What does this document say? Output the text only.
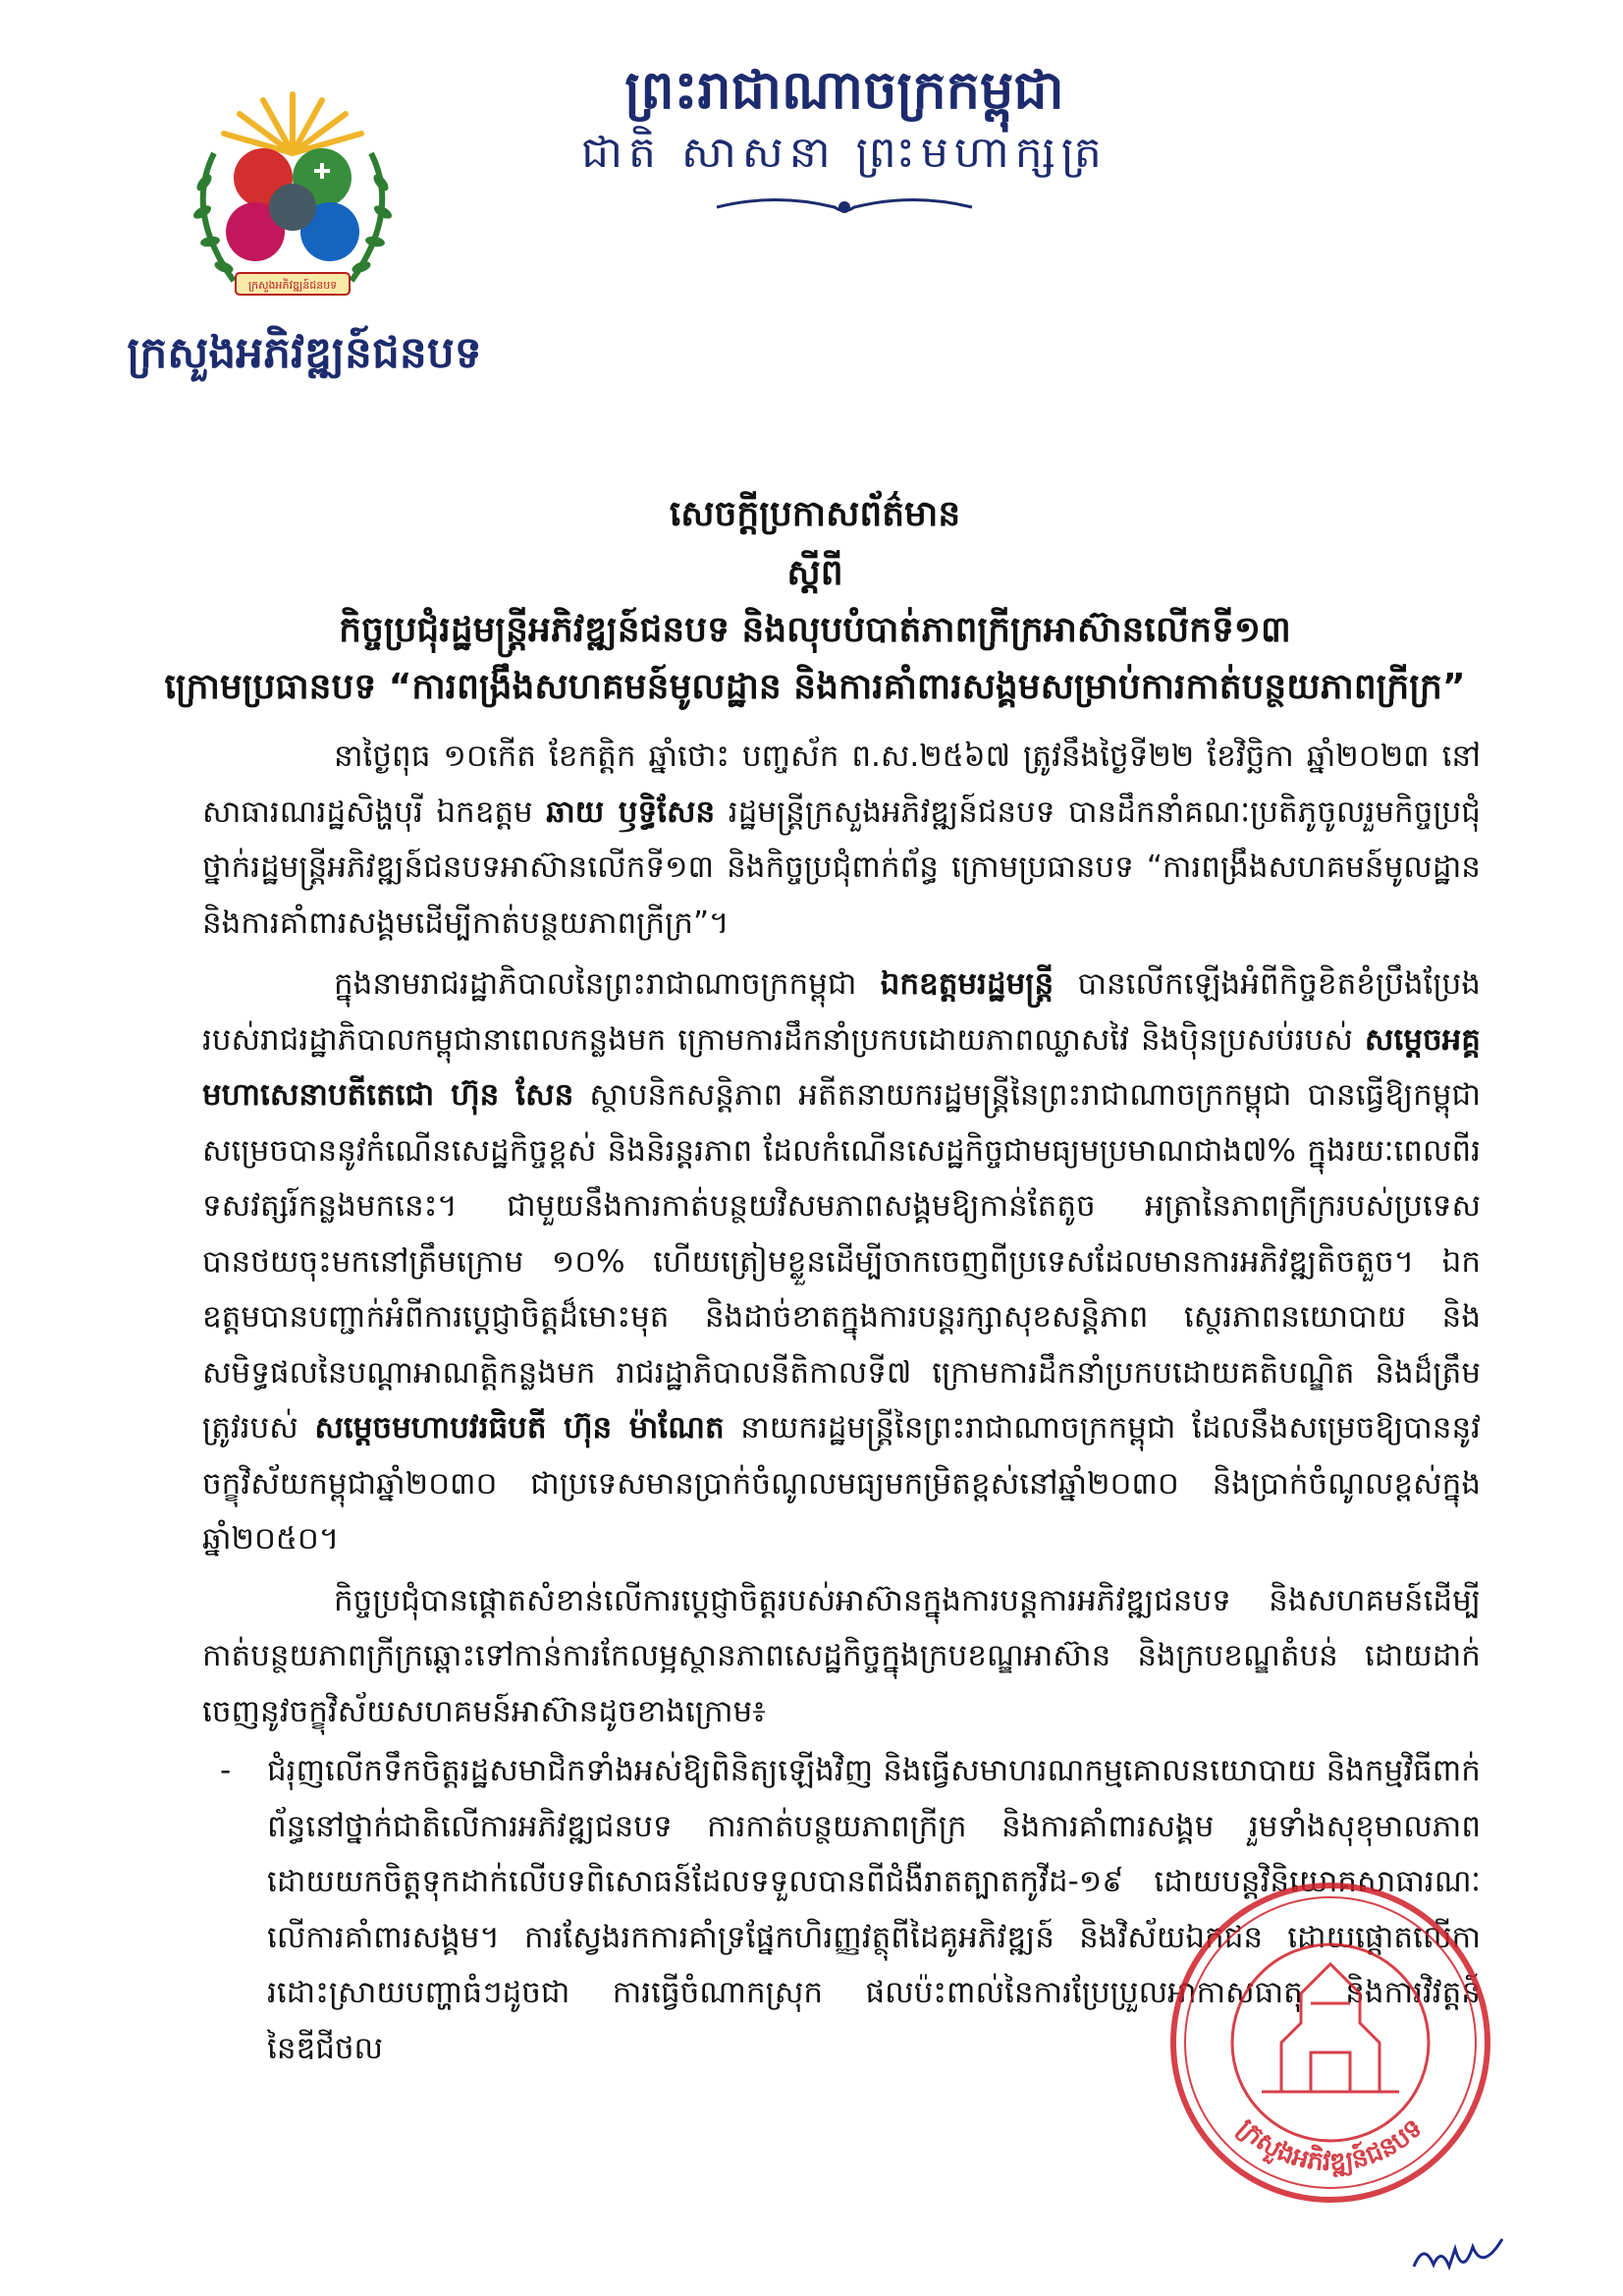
ក្រសួងអភិវឌ្ឍន៍ជនបទ
ក្រសួងអភិវឌ្ឍន៍ជនបទ
ព្រះរាជាណាចក្រកម្ពុជា
ជាតិ សាសនា ព្រះមហាក្សត្រ
សេចក្តីប្រកាសព័ត៌មាន
ស្តីពី
កិច្ចប្រជុំរដ្ឋមន្ត្រីអភិវឌ្ឍន៍ជនបទ និងលុបបំបាត់ភាពក្រីក្រអាស៊ានលើកទី១៣
ក្រោមប្រធានបទ “ការពង្រឹងសហគមន៍មូលដ្ឋាន និងការគាំពារសង្គមសម្រាប់ការកាត់បន្ថយភាពក្រីក្រ”

នាថ្ងៃពុធ ១០កើត ខែកត្តិក ឆ្នាំថោះ បញ្ចស័ក ព.ស.២៥៦៧ ត្រូវនឹងថ្ងៃទី២២ ខែវិច្ឆិកា ឆ្នាំ២០២៣ នៅសាធារណរដ្ឋសិង្ហបុរី ឯកឧត្តម ឆាយ ឫទ្ធិសែន រដ្ឋមន្ត្រីក្រសួងអភិវឌ្ឍន៍ជនបទ បានដឹកនាំគណៈប្រតិភូចូលរួមកិច្ចប្រជុំថ្នាក់រដ្ឋមន្ត្រីអភិវឌ្ឍន៍ជនបទអាស៊ានលើកទី១៣ និងកិច្ចប្រជុំពាក់ព័ន្ធ ក្រោមប្រធានបទ “ការពង្រឹងសហគមន៍មូលដ្ឋាន និងការគាំពារសង្គមដើម្បីកាត់បន្ថយភាពក្រីក្រ”។

ក្នុងនាមរាជរដ្ឋាភិបាលនៃព្រះរាជាណាចក្រកម្ពុជា ឯកឧត្តមរដ្ឋមន្ត្រី បានលើកឡើងអំពីកិច្ចខិតខំប្រឹងប្រែងរបស់រាជរដ្ឋាភិបាលកម្ពុជានាពេលកន្លងមក ក្រោមការដឹកនាំប្រកបដោយភាពឈ្លាសវៃ និងប៉ិនប្រសប់របស់ សម្តេចអគ្គមហាសេនាបតីតេជោ ហ៊ុន សែន ស្ថាបនិកសន្តិភាព អតីតនាយករដ្ឋមន្ត្រីនៃព្រះរាជាណាចក្រកម្ពុជា បានធ្វើឱ្យកម្ពុជាសម្រេចបាននូវកំណើនសេដ្ឋកិច្ចខ្ពស់ និងនិរន្តរភាព ដែលកំណើនសេដ្ឋកិច្ចជាមធ្យមប្រមាណជាង៧% ក្នុងរយៈពេលពីរទសវត្សរ៍កន្លងមកនេះ។ ជាមួយនឹងការកាត់បន្ថយវិសមភាពសង្គមឱ្យកាន់តែតូច អត្រានៃភាពក្រីក្ររបស់ប្រទេសបានថយចុះមកនៅត្រឹមក្រោម ១០% ហើយត្រៀមខ្លួនដើម្បីចាកចេញពីប្រទេសដែលមានការអភិវឌ្ឍតិចតួច។ ឯកឧត្តមបានបញ្ជាក់អំពីការប្តេជ្ញាចិត្តដ៏មោះមុត និងដាច់ខាតក្នុងការបន្តរក្សាសុខសន្តិភាព ស្ថេរភាពនយោបាយ និងសមិទ្ធផលនៃបណ្តាអាណត្តិកន្លងមក រាជរដ្ឋាភិបាលនីតិកាលទី៧ ក្រោមការដឹកនាំប្រកបដោយគតិបណ្ឌិត និងដ៏ត្រឹមត្រូវរបស់ សម្តេចមហាបវរធិបតី ហ៊ុន ម៉ាណែត នាយករដ្ឋមន្ត្រីនៃព្រះរាជាណាចក្រកម្ពុជា ដែលនឹងសម្រេចឱ្យបាននូវចក្ខុវិស័យកម្ពុជាឆ្នាំ២០៣០ ជាប្រទេសមានប្រាក់ចំណូលមធ្យមកម្រិតខ្ពស់នៅឆ្នាំ២០៣០ និងប្រាក់ចំណូលខ្ពស់ក្នុងឆ្នាំ២០៥០។

កិច្ចប្រជុំបានផ្តោតសំខាន់លើការប្តេជ្ញាចិត្តរបស់អាស៊ានក្នុងការបន្តការអភិវឌ្ឍជនបទ និងសហគមន៍ដើម្បីកាត់បន្ថយភាពក្រីក្រឆ្ពោះទៅកាន់ការកែលម្អស្ថានភាពសេដ្ឋកិច្ចក្នុងក្របខណ្ឌអាស៊ាន និងក្របខណ្ឌតំបន់ ដោយដាក់ចេញនូវចក្ខុវិស័យសហគមន៍អាស៊ានដូចខាងក្រោម៖

- ជំរុញលើកទឹកចិត្តរដ្ឋសមាជិកទាំងអស់ឱ្យពិនិត្យឡើងវិញ និងធ្វើសមាហរណកម្មគោលនយោបាយ និងកម្មវិធីពាក់ព័ន្ធនៅថ្នាក់ជាតិលើការអភិវឌ្ឍជនបទ ការកាត់បន្ថយភាពក្រីក្រ និងការគាំពារសង្គម រួមទាំងសុខុមាលភាព ដោយយកចិត្តទុកដាក់លើបទពិសោធន៍ដែលទទួលបានពីជំងឺរាតត្បាតកូវីដ-១៩ ដោយបន្តវិនិយោគសាធារណៈលើការគាំពារសង្គម។ ការស្វែងរកការគាំទ្រផ្នែកហិរញ្ញវត្ថុពីដៃគូអភិវឌ្ឍន៍ និងវិស័យឯកជន ដោយផ្តោតលើការដោះស្រាយបញ្ហាធំៗដូចជា ការធ្វើចំណាកស្រុក ផលប៉ះពាល់នៃការប្រែប្រួលអាកាសធាតុ និងការវិវត្តន៍នៃឌីជីថល
ក្រសួងអភិវឌ្ឍន៍ជនបទ
